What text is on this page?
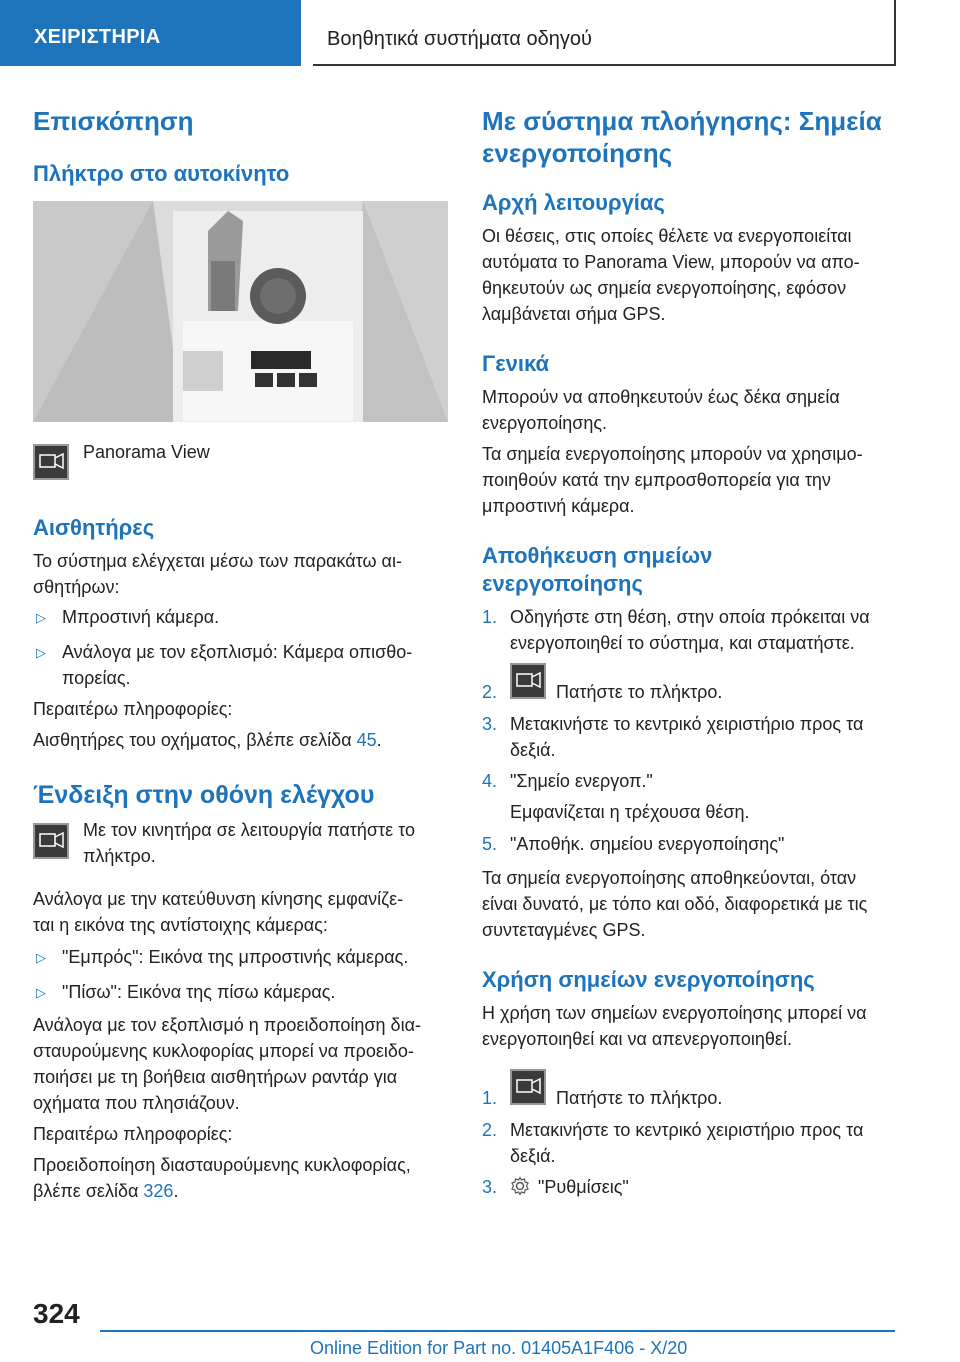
ΧΕΙΡΙΣΤΗΡΙΑ	Βοηθητικά συστήματα οδηγού
Επισκόπηση
Πλήκτρο στο αυτοκίνητο
Panorama View
Αισθητήρες
Το σύστημα ελέγχεται μέσω των παρακάτω αι-
σθητήρων:
▷ Μπροστινή κάμερα.
▷ Ανάλογα με τον εξοπλισμό: Κάμερα οπισθο-
πορείας.
Περαιτέρω πληροφορίες:
Αισθητήρες του οχήματος, βλέπε σελίδα 45.
Ένδειξη στην οθόνη ελέγχου
Με τον κινητήρα σε λειτουργία πατήστε το
πλήκτρο.
Ανάλογα με την κατεύθυνση κίνησης εμφανίζε-
ται η εικόνα της αντίστοιχης κάμερας:
▷ "Εμπρός": Εικόνα της μπροστινής κάμερας.
▷ "Πίσω": Εικόνα της πίσω κάμερας.
Ανάλογα με τον εξοπλισμό η προειδοποίηση δια-
σταυρούμενης κυκλοφορίας μπορεί να προειδο-
ποιήσει με τη βοήθεια αισθητήρων ραντάρ για
οχήματα που πλησιάζουν.
Περαιτέρω πληροφορίες:
Προειδοποίηση διασταυρούμενης κυκλοφορίας,
βλέπε σελίδα 326.
Με σύστημα πλοήγησης: Σημεία
ενεργοποίησης
Αρχή λειτουργίας
Οι θέσεις, στις οποίες θέλετε να ενεργοποιείται
αυτόματα το Panorama View, μπορούν να απο-
θηκευτούν ως σημεία ενεργοποίησης, εφόσον
λαμβάνεται σήμα GPS.
Γενικά
Μπορούν να αποθηκευτούν έως δέκα σημεία
ενεργοποίησης.
Τα σημεία ενεργοποίησης μπορούν να χρησιμο-
ποιηθούν κατά την εμπροσθοπορεία για την
μπροστινή κάμερα.
Αποθήκευση σημείων
ενεργοποίησης
1. Οδηγήστε στη θέση, στην οποία πρόκειται να
ενεργοποιηθεί το σύστημα, και σταματήστε.
2.	Πατήστε το πλήκτρο.
3. Μετακινήστε το κεντρικό χειριστήριο προς τα
δεξιά.
4. "Σημείο ενεργοπ."
Εμφανίζεται η τρέχουσα θέση.
5. "Αποθήκ. σημείου ενεργοποίησης"
Τα σημεία ενεργοποίησης αποθηκεύονται, όταν
είναι δυνατό, με τόπο και οδό, διαφορετικά με τις
συντεταγμένες GPS.
Χρήση σημείων ενεργοποίησης
Η χρήση των σημείων ενεργοποίησης μπορεί να
ενεργοποιηθεί και να απενεργοποιηθεί.
1.	Πατήστε το πλήκτρο.
2. Μετακινήστε το κεντρικό χειριστήριο προς τα
δεξιά.
3. "Ρυθμίσεις"
324
Online Edition for Part no. 01405A1F406 - X/20
